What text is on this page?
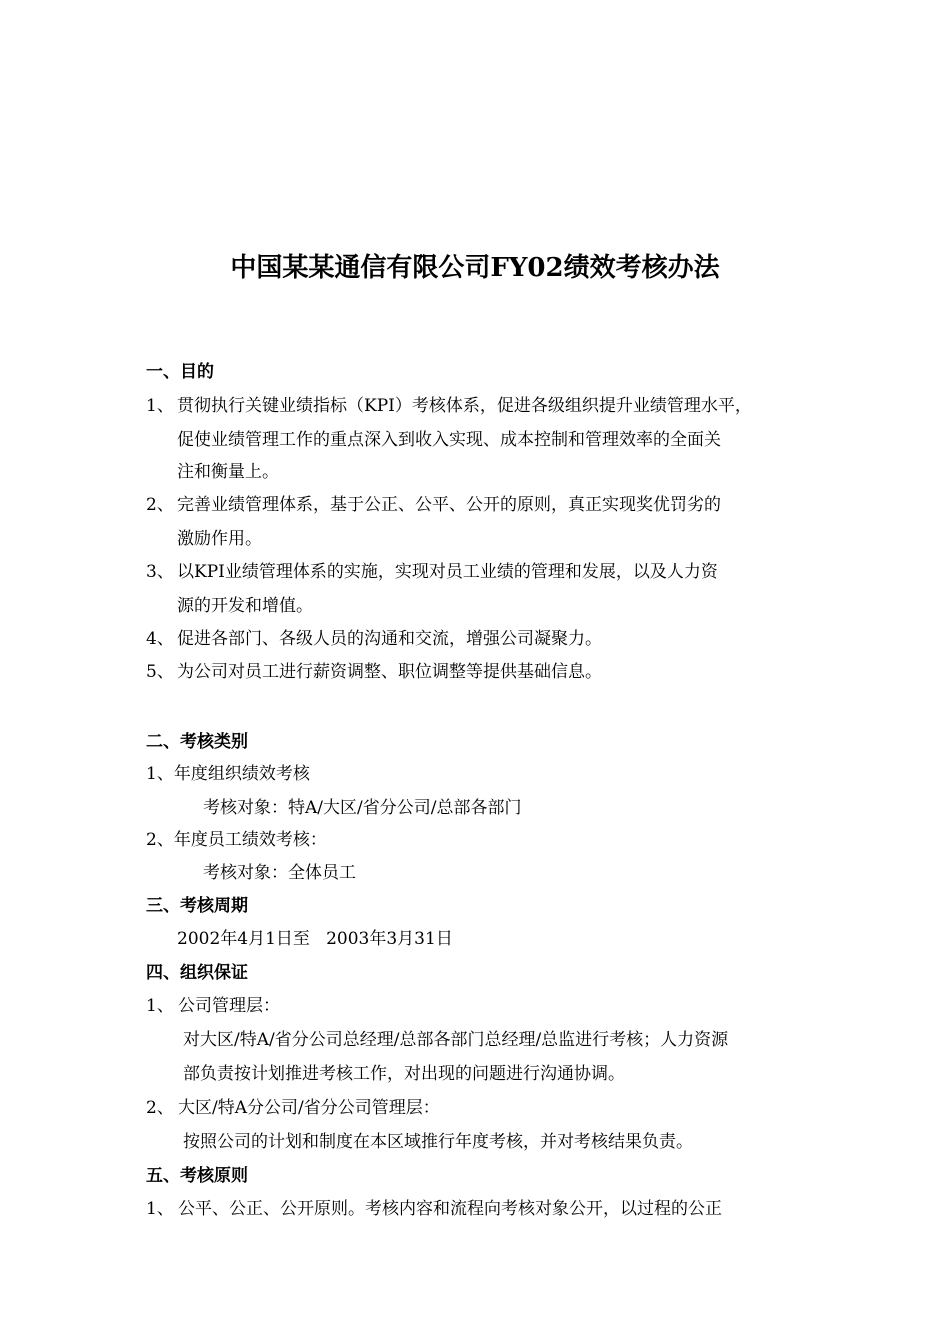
中国某某通信有限公司FY02绩效考核办法
一、目的
1、 贯彻执行关键业绩指标（KPI）考核体系，促进各级组织提升业绩管理水平，
促使业绩管理工作的重点深入到收入实现、成本控制和管理效率的全面关
注和衡量上。
2、 完善业绩管理体系，基于公正、公平、公开的原则，真正实现奖优罚劣的
激励作用。
3、 以KPI业绩管理体系的实施，实现对员工业绩的管理和发展，以及人力资
源的开发和增值。
4、 促进各部门、各级人员的沟通和交流，增强公司凝聚力。
5、 为公司对员工进行薪资调整、职位调整等提供基础信息。
二、考核类别
1、年度组织绩效考核
考核对象：特A/大区/省分公司/总部各部门
2、年度员工绩效考核：
考核对象：全体员工
三、考核周期
2002年4月1日至   2003年3月31日
四、组织保证
1、 公司管理层：
对大区/特A/省分公司总经理/总部各部门总经理/总监进行考核；人力资源
部负责按计划推进考核工作，对出现的问题进行沟通协调。
2、 大区/特A分公司/省分公司管理层：
按照公司的计划和制度在本区域推行年度考核，并对考核结果负责。
五、考核原则
1、 公平、公正、公开原则。考核内容和流程向考核对象公开，以过程的公正
